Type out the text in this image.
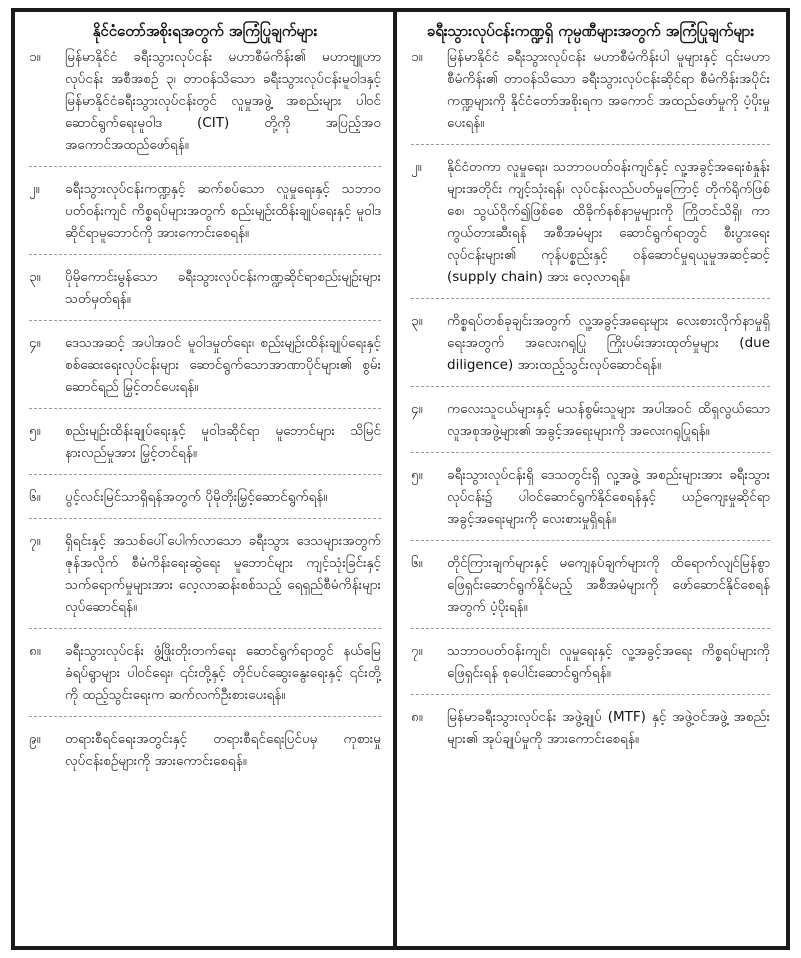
နိုင်ငံတော်အစိုးရအတွက် အကြံပြုချက်များ
၁။	မြန်မာနိုင်ငံ ခရီးသွားလုပ်ငန်း မဟာစီမံကိန်း၏ မဟာဗျူဟာလုပ်ငန်း အစီအစဉ် ၃၊ တာဝန်သိသော ခရီးသွားလုပ်ငန်းမူဝါဒနှင့် မြန်မာနိုင်ငံခရီးသွားလုပ်ငန်းတွင် လူမှုအဖွဲ့ အစည်းများ ပါဝင်ဆောင်ရွက်ရေးမူဝါဒ (CIT) တို့ကို အပြည့်အဝ အကောင်အထည်ဖော်ရန်။
၂။	ခရီးသွားလုပ်ငန်းကဏ္ဍနှင့် ဆက်စပ်သော လူမှုရေးနှင့် သဘာဝပတ်ဝန်းကျင် ကိစ္စရပ်များအတွက် စည်းမျဉ်းထိန်းချုပ်ရေးနှင့် မူဝါဒဆိုင်ရာမူဘောင်ကို အားကောင်းစေရန်။
၃။	ပိုမိုကောင်းမွန်သော ခရီးသွားလုပ်ငန်းကဏ္ဍဆိုင်ရာစည်းမျဉ်းများ သတ်မှတ်ရန်။
၄။	ဒေသအဆင့် အပါအဝင် မူဝါဒမှုတ်ရေး၊ စည်းမျဉ်းထိန်းချုပ်ရေးနှင့် စစ်ဆေးရေးလုပ်ငန်းများ ဆောင်ရွက်သောအာဏာပိုင်များ၏ စွမ်းဆောင်ရည် မြှင့်တင်ပေးရန်။
၅။	စည်းမျဉ်းထိန်းချုပ်ရေးနှင့် မူဝါဒဆိုင်ရာ မူဘောင်များ သိမြင်နားလည်မှုအား မြှင့်တင်ရန်။
၆။	ပွင့်လင်းမြင်သာရှိရန်အတွက် ပိုမိုတိုးမြှင့်ဆောင်ရွက်ရန်။
၇။	ရှိရင်းနှင့် အသစ်ပေါ်ပေါက်လာသော ခရီးသွား ဒေသများအတွက် ဇုန်အလိုက် စီမံကိန်းရေးဆွဲရေး မူဘောင်များ ကျင့်သုံးခြင်းနှင့် သက်ရောက်မှုများအား လေ့လာဆန်းစစ်သည့် ရေရှည်စီမံကိန်းများ လုပ်ဆောင်ရန်။
၈။	ခရီးသွားလုပ်ငန်း ဖွံ့ဖြိုးတိုးတက်ရေး ဆောင်ရွက်ရာတွင် နယ်မြေခံရပ်ရွာများ ပါဝင်ရေး၊ ၎င်းတို့နှင့် တိုင်ပင်ဆွေးနွေးရေးနှင့် ၎င်းတို့ကို ထည့်သွင်းရေးက ဆက်လက်ဦးစားပေးရန်။
၉။	တရားစီရင်ရေးအတွင်းနှင့် တရားစီရင်ရေးပြင်ပမှ ကုစားမှုလုပ်ငန်းစဉ်များကို အားကောင်းစေရန်။
ခရီးသွားလုပ်ငန်းကဏ္ဍရှိ ကုမ္ပဏီများအတွက် အကြံပြုချက်များ
၁။	မြန်မာနိုင်ငံ ခရီးသွားလုပ်ငန်း မဟာစီမံကိန်းပါ မူများနှင့် ၎င်းမဟာစီမံကိန်း၏ တာဝန်သိသော ခရီးသွားလုပ်ငန်းဆိုင်ရာ စီမံကိန်းအပိုင်းကဏ္ဍများကို နိုင်ငံတော်အစိုးရက အကောင် အထည်ဖော်မှုကို ပံ့ပိုးမှုပေးရန်။
၂။	နိုင်ငံတကာ လူမှုရေး၊ သဘာဝပတ်ဝန်းကျင်နှင့် လူ့အခွင့်အရေးစံနှုန်းများအတိုင်း ကျင့်သုံးရန်၊ လုပ်ငန်းလည်ပတ်မှုကြောင့် တိုက်ရိုက်ဖြစ်စေ၊ သွယ်ဝိုက်၍ဖြစ်စေ ထိခိုက်နစ်နာမှုများကို ကြိုတင်သိရှိ၊ ကာကွယ်တားဆီးရန် အစီအမံများ ဆောင်ရွက်ရာတွင် စီးပွားရေးလုပ်ငန်းများ၏ ကုန်ပစ္စည်းနှင့် ဝန်ဆောင်မှုရယူမှုအဆင့်ဆင့် (supply chain) အား လေ့လာရန်။
၃။	ကိစ္စရပ်တစ်ခုချင်းအတွက် လူ့အခွင့်အရေးများ လေးစားလိုက်နာမှုရှိရေးအတွက် အလေးဂရုပြု ကြိုးပမ်းအားထုတ်မှုများ (due diligence) အားထည့်သွင်းလုပ်ဆောင်ရန်။
၄။	ကလေးသူငယ်များနှင့် မသန်စွမ်းသူများ အပါအဝင် ထိရှလွယ်သော လူအစုအဖွဲ့များ၏ အခွင့်အရေးများကို အလေးဂရုပြုရန်။
၅။	ခရီးသွားလုပ်ငန်းရှိ ဒေသတွင်းရှိ လူ့အဖွဲ့ အစည်းများအား ခရီးသွားလုပ်ငန်း၌ ပါဝင်ဆောင်ရွက်နိုင်စေရန်နှင့် ယဉ်ကျေးမှုဆိုင်ရာ အခွင့်အရေးများကို လေးစားမှုရှိရန်။
၆။	တိုင်ကြားချက်များနှင့် မကျေနပ်ချက်များကို ထိရောက်လျင်မြန်စွာ ဖြေရှင်းဆောင်ရွက်နိုင်မည့် အစီအမံများကို ဖော်ဆောင်နိုင်စေရန်အတွက် ပံ့ပိုးရန်။
၇။	သဘာဝပတ်ဝန်းကျင်၊ လူမှုရေးနှင့် လူ့အခွင့်အရေး ကိစ္စရပ်များကို ဖြေရှင်းရန် စုပေါင်းဆောင်ရွက်ရန်။
၈။	မြန်မာခရီးသွားလုပ်ငန်း အဖွဲ့ချုပ် (MTF) နှင့် အဖွဲ့ဝင်အဖွဲ့ အစည်းများ၏ အုပ်ချုပ်မှုကို အားကောင်းစေရန်။
